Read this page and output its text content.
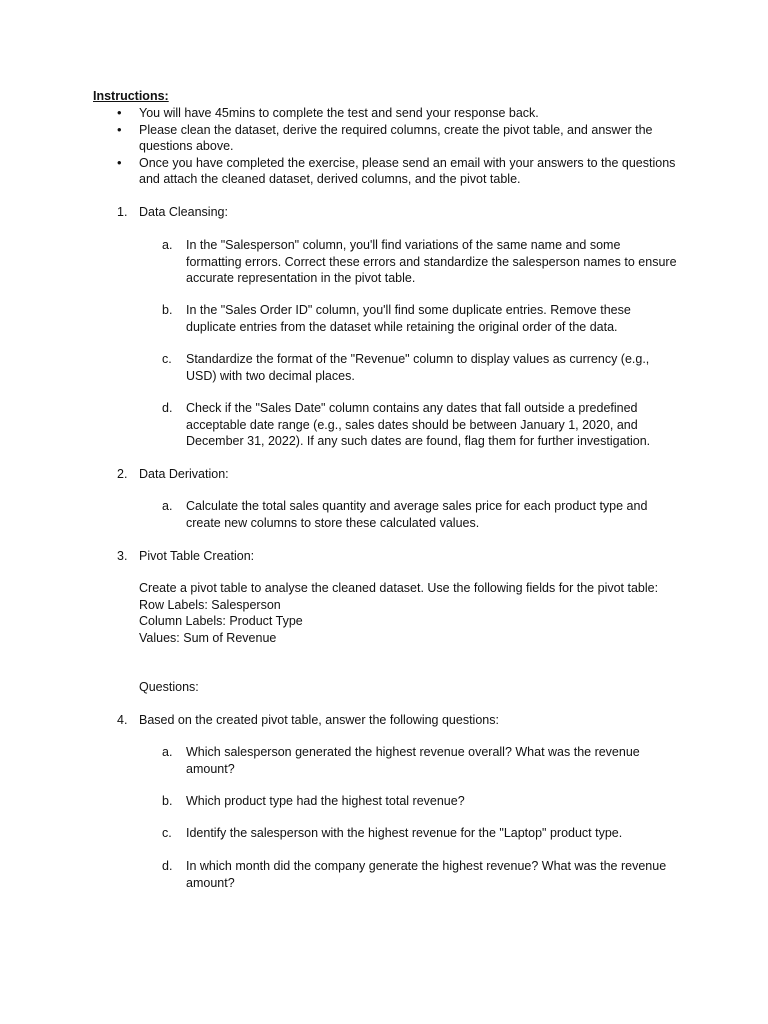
Instructions:
• You will have 45mins to complete the test and send your response back.
• Please clean the dataset, derive the required columns, create the pivot table, and answer the questions above.
• Once you have completed the exercise, please send an email with your answers to the questions and attach the cleaned dataset, derived columns, and the pivot table.
1. Data Cleansing:
a.	In the "Salesperson" column, you'll find variations of the same name and some formatting errors. Correct these errors and standardize the salesperson names to ensure accurate representation in the pivot table.
b.	In the "Sales Order ID" column, you'll find some duplicate entries. Remove these duplicate entries from the dataset while retaining the original order of the data.
c.	Standardize the format of the "Revenue" column to display values as currency (e.g., USD) with two decimal places.
d.	Check if the "Sales Date" column contains any dates that fall outside a predefined acceptable date range (e.g., sales dates should be between January 1, 2020, and December 31, 2022). If any such dates are found, flag them for further investigation.
2. Data Derivation:
a.	Calculate the total sales quantity and average sales price for each product type and create new columns to store these calculated values.
3. Pivot Table Creation:
Create a pivot table to analyse the cleaned dataset. Use the following fields for the pivot table:
Row Labels: Salesperson
Column Labels: Product Type
Values: Sum of Revenue
Questions:
4. Based on the created pivot table, answer the following questions:
a.	Which salesperson generated the highest revenue overall? What was the revenue amount?
b.	Which product type had the highest total revenue?
c.	Identify the salesperson with the highest revenue for the "Laptop" product type.
d.	In which month did the company generate the highest revenue? What was the revenue amount?
